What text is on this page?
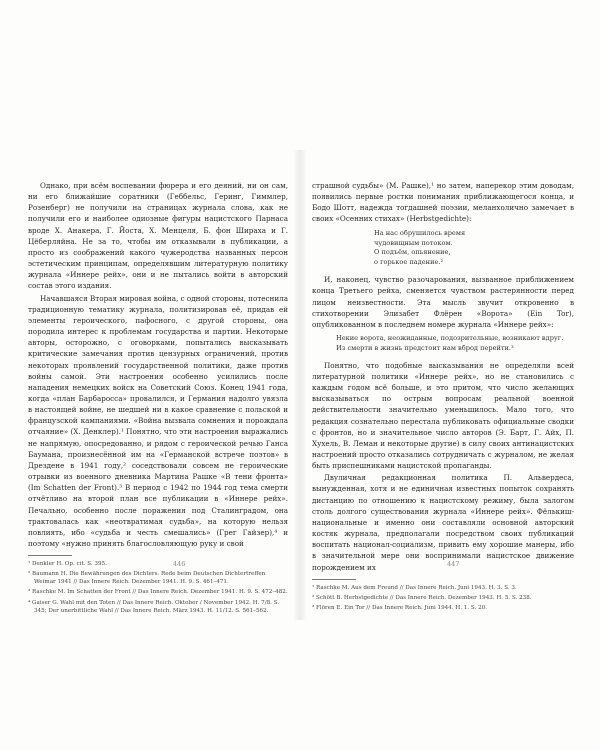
Однако, при всём воспевании фюрера и его деяний, ни он сам, ни его ближайшие соратники (Геббельс, Геринг, Гиммлер, Розенберг) не получили на страницах журнала слова, как не получили его и наиболее одиозные фигуры нацистского Парнаса вроде Х. Анакера, Г. Йоста, Х. Менцеля, Б. фон Шираха и Г. Цёберляйна. Не за то, чтобы им отказывали в публикации, а просто из соображений какого чужеродства названных персон эстетическим принципам, определявшим литературную политику журнала «Иннере рейх», они и не пытались войти в авторский состав этого издания.

Начавшаяся Вторая мировая война, с одной стороны, потеснила традиционную тематику журнала, политизировав её, придав ей элементы героического, пафосного, с другой стороны, она породила интерес к проблемам государства и партии. Некоторые авторы, осторожно, с оговорками, попытались высказывать критические замечания против цензурных ограничений, против некоторых проявлений государственной политики, даже против войны самой. Эти настроения особенно усилились после нападения немецких войск на Советский Союз. Конец 1941 года, когда «план Барбаросса» провалился, и Германия надолго увязла в настоящей войне, не шедшей ни в какое сравнение с польской и французской кампаниями. «Война вызвала сомнения и порождала отчаяние» (Х. Денклер).¹ Понятно, что эти настроения выражались не напрямую, опосредованно, и рядом с героической речью Ганса Баумана, произнесённой им на «Германской встрече поэтов» в Дрездене в 1941 году,² соседствовали совсем не героические отрывки из военного дневника Мартина Рашке «В тени фронта» (Im Schatten der Front).³ В период с 1942 по 1944 год тема смерти отчётливо на второй план все публикации в «Иннере рейх». Печально, особенно после поражения под Сталинградом, она трактовалась как «неотвратимая судьба», на которую нельзя повлиять, ибо «судьба и честь смешались» (Грег Гайзер),⁴ и поэтому «нужно принять благословляющую руку и свой

¹ Denkler H. Op. cit. S. 395.
² Baumann H. Die Bewährungen des Dichters. Rede beim Deutschen Dichtertreffen Weimar 1941 // Das Innere Reich. Dezember 1941. H. 9. S. 461–471.
³ Raschke M. Im Schatten der Front // Das Innere Reich. Dezember 1941. H. 9. S. 472–482.
⁴ Gaiser G. Wahl mit den Toten // Das Innere Reich. Oktober / November 1942. H. 7/8. S. 345; Der unerbittliche Wahl // Das Innere Reich. März 1943. H. 11/12. S. 561–562.

страшной судьбы» (М. Рашке),¹ но затем, наперекор этим доводам, появились первые ростки понимания приближающегося конца, и Бодо Шотт, надежда тогдашней поэзии, меланхолично замечает в своих «Осенних стихах» (Herbstgedichte):

На нас обрушилось время
чудовищным потоком.
О подъём, опьянение,
о горькое падение.²

И, наконец, чувство разочарования, вызванное приближением конца Третьего рейха, сменяется чувством растерянности перед лицом неизвестности. Эта мысль звучит откровенно в стихотворении Элизабет Флёрен «Ворота» (Ein Tor), опубликованном в последнем номере журнала «Иннере рейх»:

Некие ворота, неожиданные, подозрительные, возникают вдруг.
Из смерти в жизнь предстоит нам вброд перейти.³

Понятно, что подобные высказывания не определяли всей литературной политики «Иннере рейх», но не становились с каждым годом всё больше, и это притом, что число желающих высказываться по острым вопросам реальной военной действительности значительно уменьшилось. Мало того, что редакция сознательно перестала публиковать официальные сводки с фронтов, но и значительное число авторов (Э. Барт, Г. Айх, П. Хухель, В. Леман и некоторые другие) в силу своих антинацистских настроений просто отказались сотрудничать с журналом, не желая быть приспешниками нацистской пропаганды.

Двуличная редакционная политика П. Альвердеса, вынужденная, хотя и не единичная известных попыток сохранять дистанцию по отношению к нацистскому режиму, была залогом столь долгого существования журнала «Иннере рейх». Фёлькиш-национальные и именно они составляли основной авторский костяк журнала, предполагали посредством своих публикаций воспитать национал-социализм, привить ему хорошие манеры, ибо в значительной мере они воспринимали нацистское движение порождением их

¹ Raschke M. Aus dem Freund // Das Innere Reich. Juni 1943. H. 3. S. 3.
² Schött B. Herbstgedichte // Das Innere Reich. Dezember 1943. H. 5. S. 238.
³ Flören E. Ein Tor // Das Innere Reich. Juni 1944. H. 1. S. 20.
446	447
